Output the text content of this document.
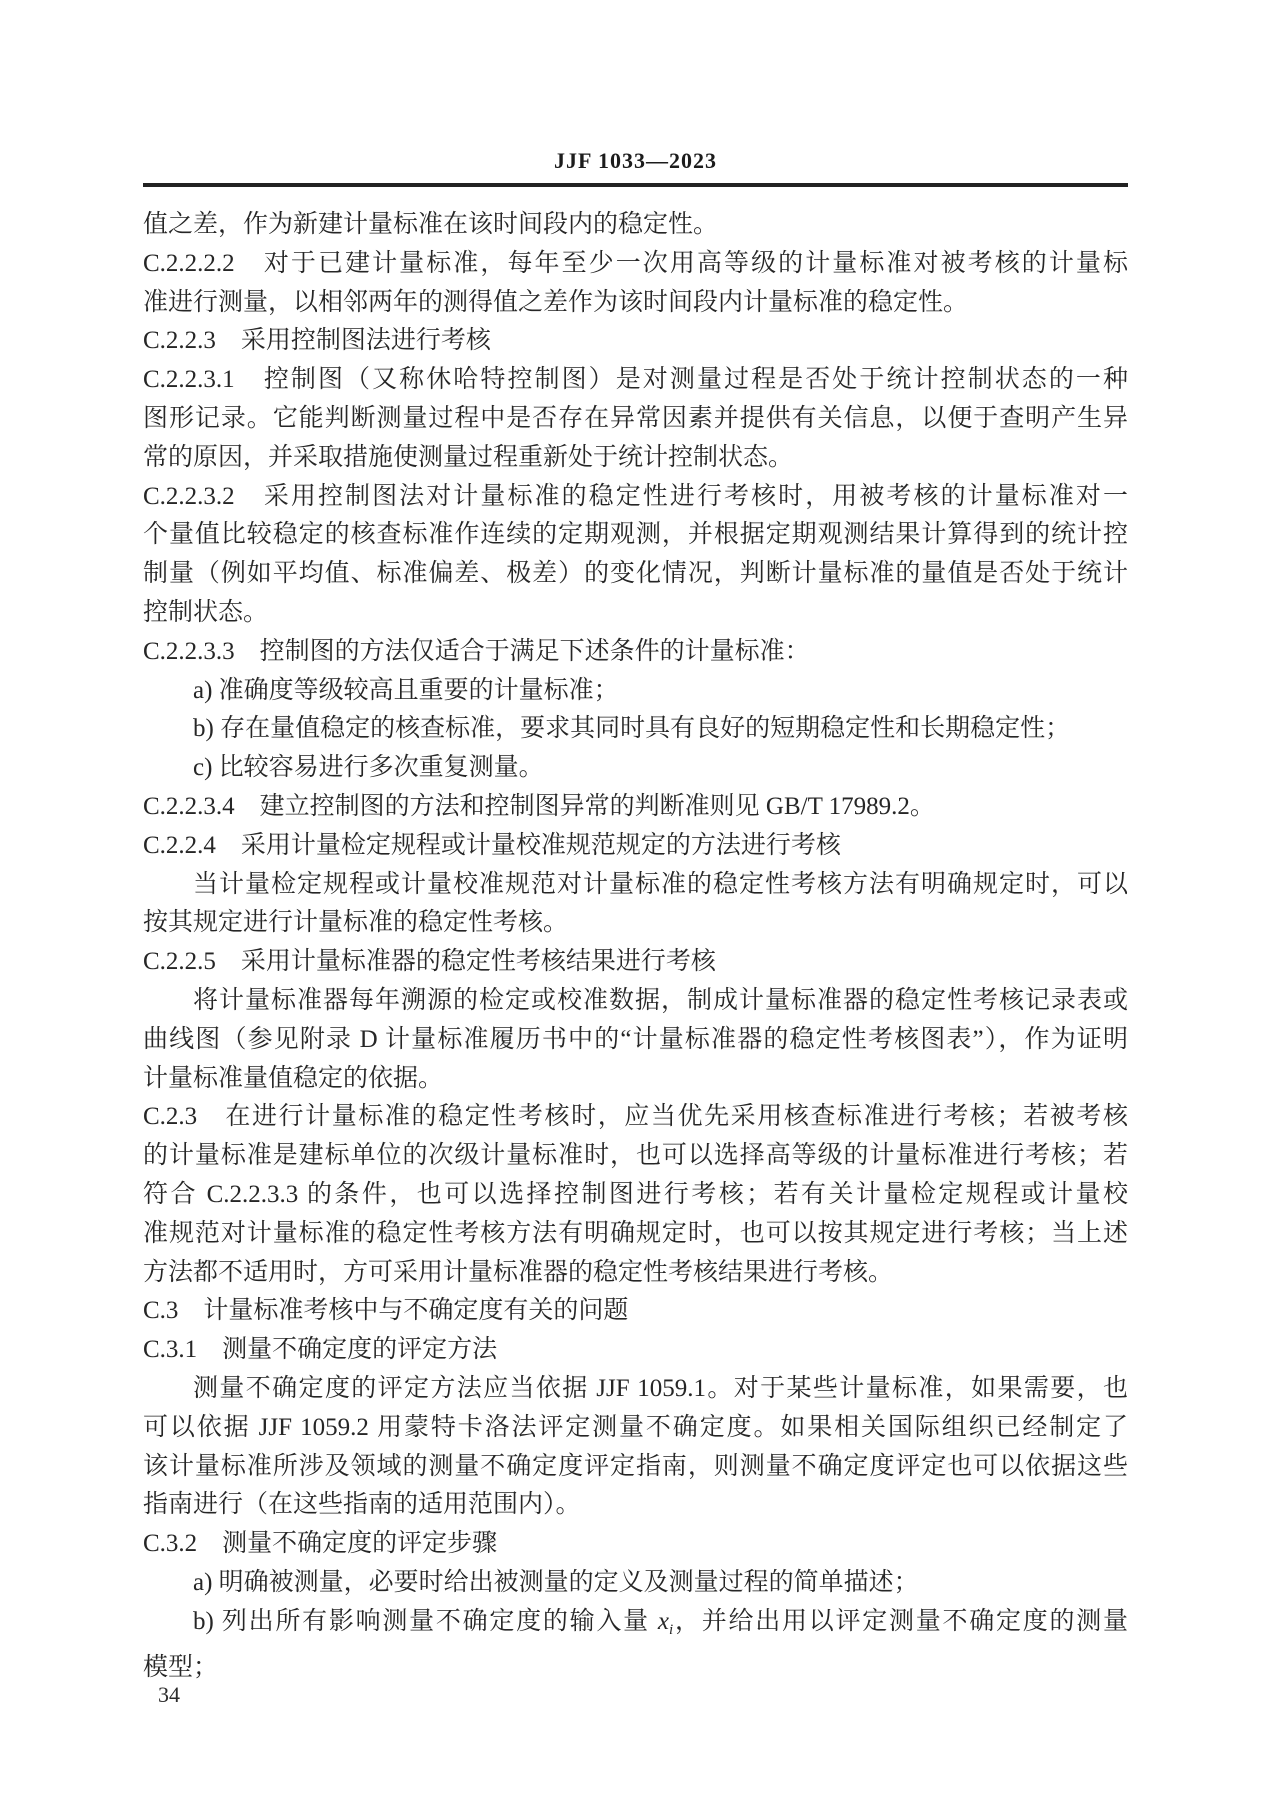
JJF 1033—2023
值之差，作为新建计量标准在该时间段内的稳定性。
C.2.2.2.2　对于已建计量标准，每年至少一次用高等级的计量标准对被考核的计量标
准进行测量，以相邻两年的测得值之差作为该时间段内计量标准的稳定性。
C.2.2.3　采用控制图法进行考核
C.2.2.3.1　控制图（又称休哈特控制图）是对测量过程是否处于统计控制状态的一种
图形记录。它能判断测量过程中是否存在异常因素并提供有关信息，以便于查明产生异
常的原因，并采取措施使测量过程重新处于统计控制状态。
C.2.2.3.2　采用控制图法对计量标准的稳定性进行考核时，用被考核的计量标准对一
个量值比较稳定的核查标准作连续的定期观测，并根据定期观测结果计算得到的统计控
制量（例如平均值、标准偏差、极差）的变化情况，判断计量标准的量值是否处于统计
控制状态。
C.2.2.3.3　控制图的方法仅适合于满足下述条件的计量标准：
a) 准确度等级较高且重要的计量标准；
b) 存在量值稳定的核查标准，要求其同时具有良好的短期稳定性和长期稳定性；
c) 比较容易进行多次重复测量。
C.2.2.3.4　建立控制图的方法和控制图异常的判断准则见 GB/T 17989.2。
C.2.2.4　采用计量检定规程或计量校准规范规定的方法进行考核
当计量检定规程或计量校准规范对计量标准的稳定性考核方法有明确规定时，可以
按其规定进行计量标准的稳定性考核。
C.2.2.5　采用计量标准器的稳定性考核结果进行考核
将计量标准器每年溯源的检定或校准数据，制成计量标准器的稳定性考核记录表或
曲线图（参见附录 D 计量标准履历书中的“计量标准器的稳定性考核图表”），作为证明
计量标准量值稳定的依据。
C.2.3　在进行计量标准的稳定性考核时，应当优先采用核查标准进行考核；若被考核
的计量标准是建标单位的次级计量标准时，也可以选择高等级的计量标准进行考核；若
符合 C.2.2.3.3 的条件，也可以选择控制图进行考核；若有关计量检定规程或计量校
准规范对计量标准的稳定性考核方法有明确规定时，也可以按其规定进行考核；当上述
方法都不适用时，方可采用计量标准器的稳定性考核结果进行考核。
C.3　计量标准考核中与不确定度有关的问题
C.3.1　测量不确定度的评定方法
测量不确定度的评定方法应当依据 JJF 1059.1。对于某些计量标准，如果需要，也
可以依据 JJF 1059.2 用蒙特卡洛法评定测量不确定度。如果相关国际组织已经制定了
该计量标准所涉及领域的测量不确定度评定指南，则测量不确定度评定也可以依据这些
指南进行（在这些指南的适用范围内）。
C.3.2　测量不确定度的评定步骤
a) 明确被测量，必要时给出被测量的定义及测量过程的简单描述；
b) 列出所有影响测量不确定度的输入量 $x_i$，并给出用以评定测量不确定度的测量
模型；
34
